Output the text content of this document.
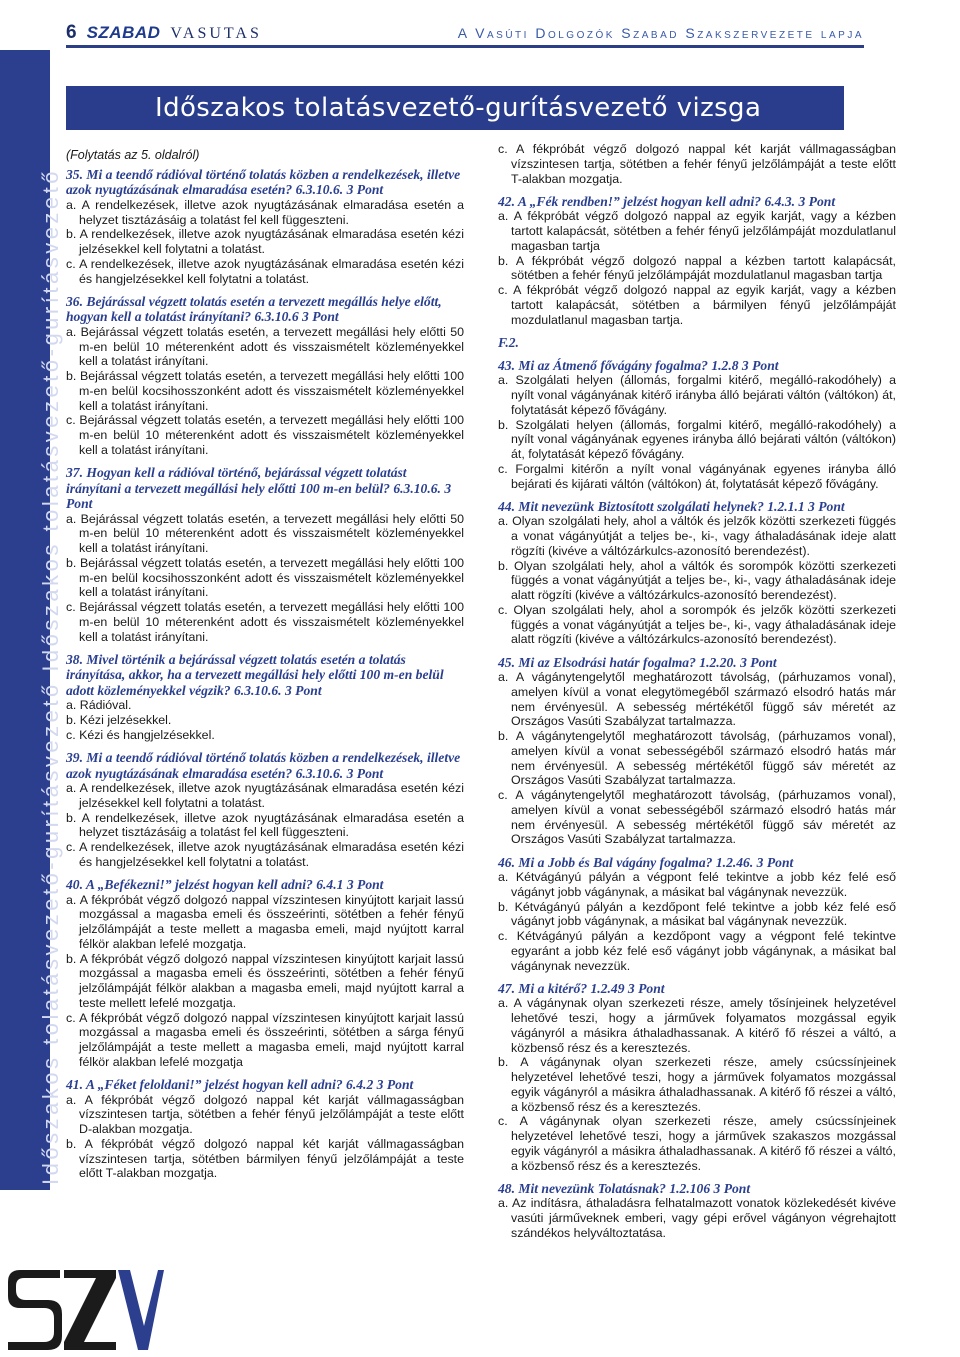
6 SZABAD VASUTAS	A Vasúti Dolgozók Szabad Szakszervezete lapja
Időszakos tolatásvezető-gurításvezető Időszakos tolatásvezető-gurításvezető
Időszakos tolatásvezető-gurításvezető vizsga
(Folytatás az 5. oldalról)
35. Mi a teendő rádióval történő tolatás közben a rendelkezések, illetve azok nyugtázásának elmaradása esetén? 6.3.10.6. 3 Pont
a. A rendelkezések, illetve azok nyugtázásának elmaradása esetén a helyzet tisztázásáig a tolatást fel kell függeszteni.
b. A rendelkezések, illetve azok nyugtázásának elmaradása esetén kézi jelzésekkel kell folytatni a tolatást.
c. A rendelkezések, illetve azok nyugtázásának elmaradása esetén kézi és hangjelzésekkel kell folytatni a tolatást.
36. Bejárással végzett tolatás esetén a tervezett megállás helye előtt, hogyan kell a tolatást irányítani? 6.3.10.6 3 Pont
a. Bejárással végzett tolatás esetén, a tervezett megállási hely előtti 50 m-en belül 10 méterenként adott és visszaismételt közleményekkel kell a tolatást irányítani.
b. Bejárással végzett tolatás esetén, a tervezett megállási hely előtti 100 m-en belül kocsihosszonként adott és visszaismételt közleményekkel kell a tolatást irányítani.
c. Bejárással végzett tolatás esetén, a tervezett megállási hely előtti 100 m-en belül 10 méterenként adott és visszaismételt közleményekkel kell a tolatást irányítani.
37. Hogyan kell a rádióval történő, bejárással végzett tolatást irányítani a tervezett megállási hely előtti 100 m-en belül? 6.3.10.6. 3 Pont
a. Bejárással végzett tolatás esetén, a tervezett megállási hely előtti 50 m-en belül 10 méterenként adott és visszaismételt közleményekkel kell a tolatást irányítani.
b. Bejárással végzett tolatás esetén, a tervezett megállási hely előtti 100 m-en belül kocsihosszonként adott és visszaismételt közleményekkel kell a tolatást irányítani.
c. Bejárással végzett tolatás esetén, a tervezett megállási hely előtti 100 m-en belül 10 méterenként adott és visszaismételt közleményekkel kell a tolatást irányítani.
38. Mivel történik a bejárással végzett tolatás esetén a tolatás irányítása, akkor, ha a tervezett megállási hely előtti 100 m-en belül adott közleményekkel végzik? 6.3.10.6. 3 Pont
a. Rádióval.
b. Kézi jelzésekkel.
c. Kézi és hangjelzésekkel.
39. Mi a teendő rádióval történő tolatás közben a rendelkezések, illetve azok nyugtázásának elmaradása esetén? 6.3.10.6. 3 Pont
a. A rendelkezések, illetve azok nyugtázásának elmaradása esetén kézi jelzésekkel kell folytatni a tolatást.
b. A rendelkezések, illetve azok nyugtázásának elmaradása esetén a helyzet tisztázásáig a tolatást fel kell függeszteni.
c. A rendelkezések, illetve azok nyugtázásának elmaradása esetén kézi és hangjelzésekkel kell folytatni a tolatást.
40. A „Befékezni!” jelzést hogyan kell adni? 6.4.1 3 Pont
a. A fékpróbát végző dolgozó nappal vízszintesen kinyújtott karjait lassú mozgással a magasba emeli és összeérinti, sötétben a fehér fényű jelzőlámpáját a teste mellett a magasba emeli, majd nyújtott karral félkör alakban lefelé mozgatja.
b. A fékpróbát végző dolgozó nappal vízszintesen kinyújtott karjait lassú mozgással a magasba emeli és összeérinti, sötétben a fehér fényű jelzőlámpáját félkör alakban a magasba emeli, majd nyújtott karral a teste mellett lefelé mozgatja.
c. A fékpróbát végző dolgozó nappal vízszintesen kinyújtott karjait lassú mozgással a magasba emeli és összeérinti, sötétben a sárga fényű jelzőlámpáját a teste mellett a magasba emeli, majd nyújtott karral félkör alakban lefelé mozgatja
41. A „Féket feloldani!” jelzést hogyan kell adni? 6.4.2 3 Pont
a. A fékpróbát végző dolgozó nappal két karját vállmagasságban vízszintesen tartja, sötétben a fehér fényű jelzőlámpáját a teste előtt D-alakban mozgatja.
b. A fékpróbát végző dolgozó nappal két karját vállmagasságban vízszintesen tartja, sötétben bármilyen fényű jelzőlámpáját a teste előtt T-alakban mozgatja.
c. A fékpróbát végző dolgozó nappal két karját vállmagasságban vízszintesen tartja, sötétben a fehér fényű jelzőlámpáját a teste előtt T-alakban mozgatja.
42. A „Fék rendben!” jelzést hogyan kell adni? 6.4.3. 3 Pont
a. A fékpróbát végző dolgozó nappal az egyik karját, vagy a kézben tartott kalapácsát, sötétben a fehér fényű jelzőlámpáját mozdulatlanul magasban tartja
b. A fékpróbát végző dolgozó nappal a kézben tartott kalapácsát, sötétben a fehér fényű jelzőlámpáját mozdulatlanul magasban tartja
c. A fékpróbát végző dolgozó nappal az egyik karját, vagy a kézben tartott kalapácsát, sötétben a bármilyen fényű jelzőlámpáját mozdulatlanul magasban tartja.
F.2.
43. Mi az Átmenő fővágány fogalma? 1.2.8 3 Pont
a. Szolgálati helyen (állomás, forgalmi kitérő, megálló-rakodóhely) a nyílt vonal vágányának kitérő irányba álló bejárati váltón (váltókon) át, folytatását képező fővágány.
b. Szolgálati helyen (állomás, forgalmi kitérő, megálló-rakodóhely) a nyílt vonal vágányának egyenes irányba álló bejárati váltón (váltókon) át, folytatását képező fővágány.
c. Forgalmi kitérőn a nyílt vonal vágányának egyenes irányba álló bejárati és kijárati váltón (váltókon) át, folytatását képező fővágány.
44. Mit nevezünk Biztosított szolgálati helynek? 1.2.1.1 3 Pont
a. Olyan szolgálati hely, ahol a váltók és jelzők közötti szerkezeti függés a vonat vágányútját a teljes be-, ki-, vagy áthaladásának ideje alatt rögzíti (kivéve a váltózárkulcs-azonosító berendezést).
b. Olyan szolgálati hely, ahol a váltók és sorompók közötti szerkezeti függés a vonat vágányútját a teljes be-, ki-, vagy áthaladásának ideje alatt rögzíti (kivéve a váltózárkulcs-azonosító berendezést).
c. Olyan szolgálati hely, ahol a sorompók és jelzők közötti szerkezeti függés a vonat vágányútját a teljes be-, ki-, vagy áthaladásának ideje alatt rögzíti (kivéve a váltózárkulcs-azonosító berendezést).
45. Mi az Elsodrási határ fogalma? 1.2.20. 3 Pont
a. A vágánytengelytől meghatározott távolság, (párhuzamos vonal), amelyen kívül a vonat elegytömegéből származó elsodró hatás már nem érvényesül. A sebesség mértékétől függő sáv méretét az Országos Vasúti Szabályzat tartalmazza.
b. A vágánytengelytől meghatározott távolság, (párhuzamos vonal), amelyen kívül a vonat sebességéből származó elsodró hatás már nem érvényesül. A sebesség mértékétől függő sáv méretét az Országos Vasúti Szabályzat tartalmazza.
c. A vágánytengelytől meghatározott távolság, (párhuzamos vonal), amelyen kívül a vonat sebességéből származó elsodró hatás már nem érvényesül. A sebesség mértékétől függő sáv méretét az Országos Vasúti Szabályzat tartalmazza.
46. Mi a Jobb és Bal vágány fogalma? 1.2.46. 3 Pont
a. Kétvágányú pályán a végpont felé tekintve a jobb kéz felé eső vágányt jobb vágánynak, a másikat bal vágánynak nevezzük.
b. Kétvágányú pályán a kezdőpont felé tekintve a jobb kéz felé eső vágányt jobb vágánynak, a másikat bal vágánynak nevezzük.
c. Kétvágányú pályán a kezdőpont vagy a végpont felé tekintve egyaránt a jobb kéz felé eső vágányt jobb vágánynak, a másikat bal vágánynak nevezzük.
47. Mi a kitérő? 1.2.49 3 Pont
a. A vágánynak olyan szerkezeti része, amely tősínjeinek helyzetével lehetővé teszi, hogy a járművek folyamatos mozgással egyik vágányról a másikra áthaladhassanak. A kitérő fő részei a váltó, a közbenső rész és a keresztezés.
b. A vágánynak olyan szerkezeti része, amely csúcssínjeinek helyzetével lehetővé teszi, hogy a járművek folyamatos mozgással egyik vágányról a másikra áthaladhassanak. A kitérő fő részei a váltó, a közbenső rész és a keresztezés.
c. A vágánynak olyan szerkezeti része, amely csúcssínjeinek helyzetével lehetővé teszi, hogy a járművek szakaszos mozgással egyik vágányról a másikra áthaladhassanak. A kitérő fő részei a váltó, a közbenső rész és a keresztezés.
48. Mit nevezünk Tolatásnak? 1.2.106 3 Pont
a. Az indításra, áthaladásra felhatalmazott vonatok közlekedését kivéve vasúti járműveknek emberi, vagy gépi erővel vágányon végrehajtott szándékos helyváltoztatása.
